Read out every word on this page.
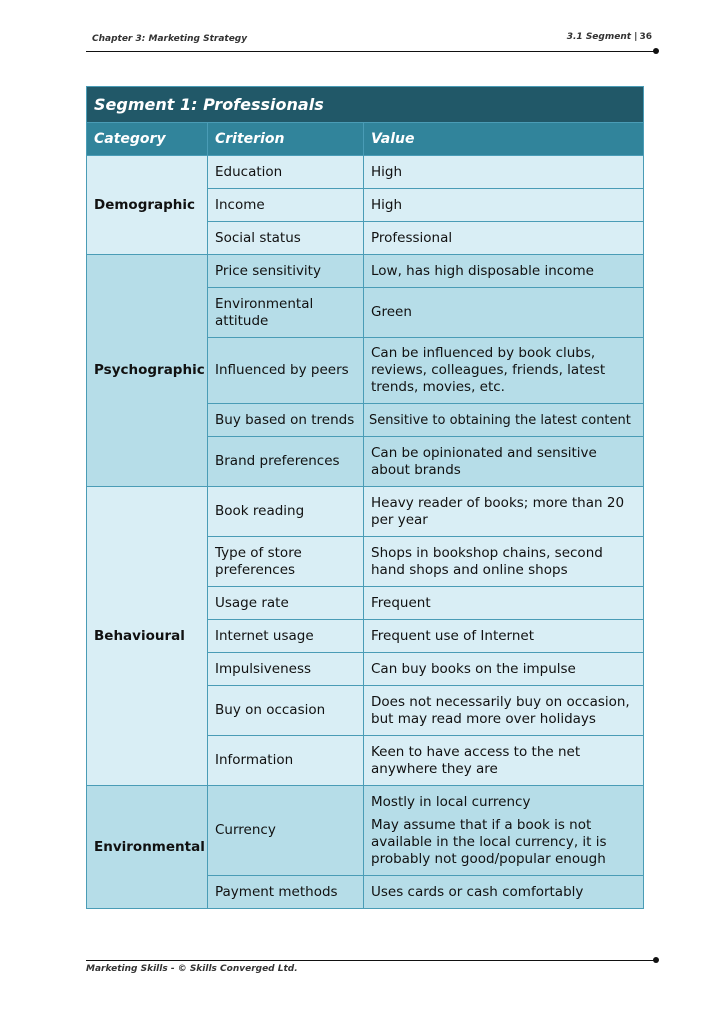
Chapter 3: Marketing Strategy	3.1 Segment | 36
Segment 1: Professionals		
Category	Criterion	Value
Demographic	Education	High
	Income	High
	Social status	Professional
Psychographic	Price sensitivity	Low, has high disposable income
	Environmental attitude	Green
	Influenced by peers	Can be influenced by book clubs, reviews, colleagues, friends, latest trends, movies, etc.
	Buy based on trends	Sensitive to obtaining the latest content
	Brand preferences	Can be opinionated and sensitive about brands
Behavioural	Book reading	Heavy reader of books; more than 20 per year
	Type of store preferences	Shops in bookshop chains, second hand shops and online shops
	Usage rate	Frequent
	Internet usage	Frequent use of Internet
	Impulsiveness	Can buy books on the impulse
	Buy on occasion	Does not necessarily buy on occasion, but may read more over holidays
	Information	Keen to have access to the net anywhere they are
Environmental	Currency	Mostly in local currency

May assume that if a book is not available in the local currency, it is probably not good/popular enough

	Payment methods	Uses cards or cash comfortably
Marketing Skills - © Skills Converged Ltd.
